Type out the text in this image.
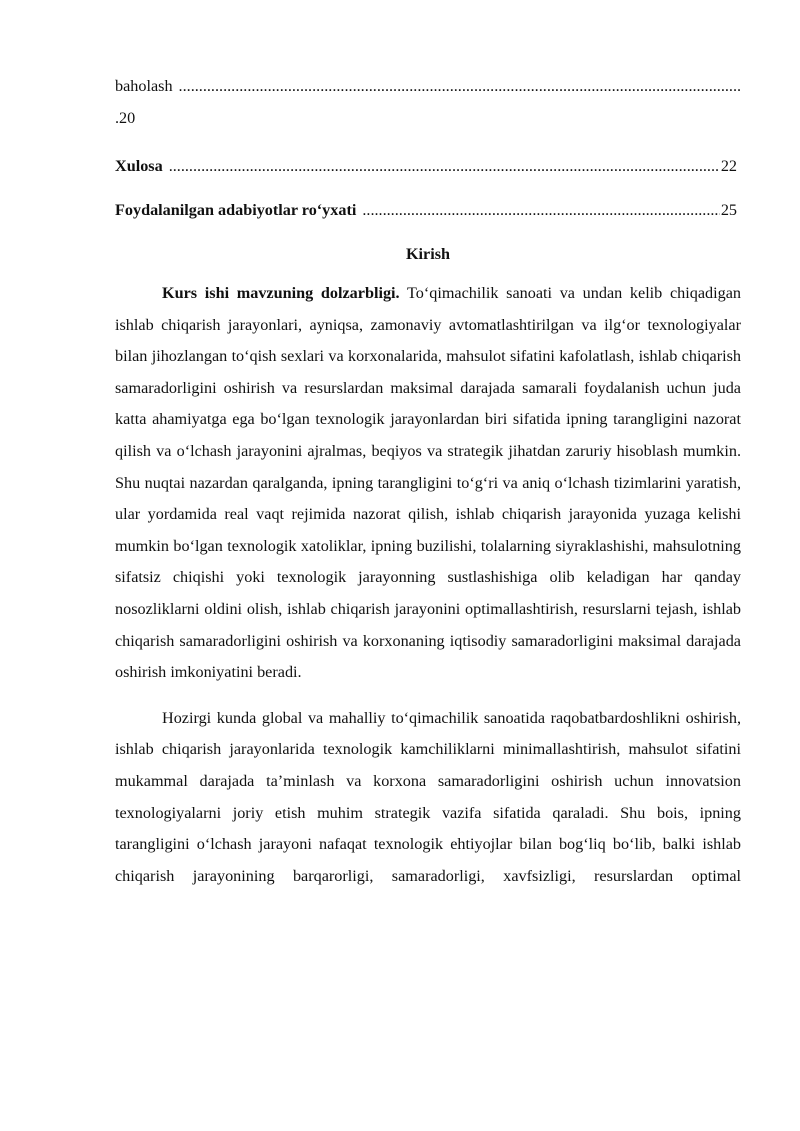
baholash
.....
.20
Xulosa .....	22
Foydalanilgan adabiyotlar ro‘yxati .....	25
Kirish

Kurs ishi mavzuning dolzarbligi. To‘qimachilik sanoati va undan kelib chiqadigan ishlab chiqarish jarayonlari, ayniqsa, zamonaviy avtomatlashtirilgan va ilg‘or texnologiyalar bilan jihozlangan to‘qish sexlari va korxonalarida, mahsulot sifatini kafolatlash, ishlab chiqarish samaradorligini oshirish va resurslardan maksimal darajada samarali foydalanish uchun juda katta ahamiyatga ega bo‘lgan texnologik jarayonlardan biri sifatida ipning tarangligini nazorat qilish va o‘lchash jarayonini ajralmas, beqiyos va strategik jihatdan zaruriy hisoblash mumkin. Shu nuqtai nazardan qaralganda, ipning tarangligini to‘g‘ri va aniq o‘lchash tizimlarini yaratish, ular yordamida real vaqt rejimida nazorat qilish, ishlab chiqarish jarayonida yuzaga kelishi mumkin bo‘lgan texnologik xatoliklar, ipning buzilishi, tolalarning siyraklashishi, mahsulotning sifatsiz chiqishi yoki texnologik jarayonning sustlashishiga olib keladigan har qanday nosozliklarni oldini olish, ishlab chiqarish jarayonini optimallashtirish, resurslarni tejash, ishlab chiqarish samaradorligini oshirish va korxonaning iqtisodiy samaradorligini maksimal darajada oshirish imkoniyatini beradi.

Hozirgi kunda global va mahalliy to‘qimachilik sanoatida raqobatbardoshlikni oshirish, ishlab chiqarish jarayonlarida texnologik kamchiliklarni minimallashtirish, mahsulot sifatini mukammal darajada ta’minlash va korxona samaradorligini oshirish uchun innovatsion texnologiyalarni joriy etish muhim strategik vazifa sifatida qaraladi. Shu bois, ipning tarangligini o‘lchash jarayoni nafaqat texnologik ehtiyojlar bilan bog‘liq bo‘lib, balki ishlab chiqarish jarayonining barqarorligi, samaradorligi, xavfsizligi, resurslardan optimal
